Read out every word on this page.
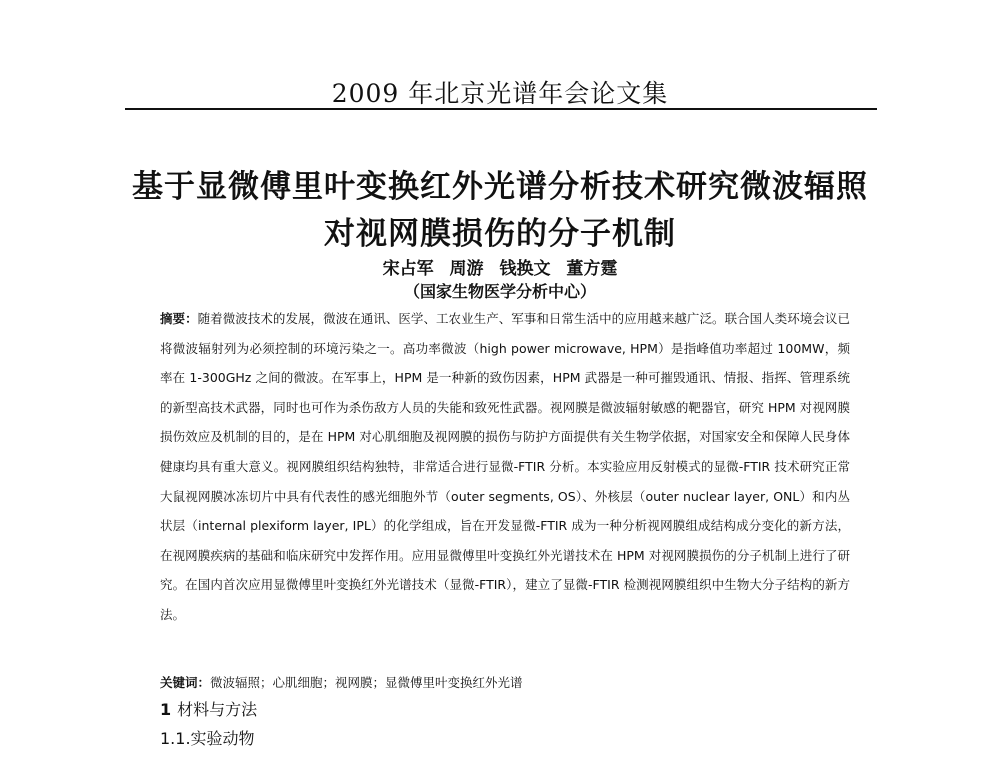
2009 年北京光谱年会论文集
基于显微傅里叶变换红外光谱分析技术研究微波辐照
对视网膜损伤的分子机制
宋占军 周游 钱换文 董方霆
（国家生物医学分析中心）
摘要：随着微波技术的发展，微波在通讯、医学、工农业生产、军事和日常生活中的应用越来越广泛。联合国人类环境会议已将微波辐射列为必须控制的环境污染之一。高功率微波（high power microwave, HPM）是指峰值功率超过 100MW，频率在 1-300GHz 之间的微波。在军事上，HPM 是一种新的致伤因素，HPM 武器是一种可摧毁通讯、情报、指挥、管理系统的新型高技术武器，同时也可作为杀伤敌方人员的失能和致死性武器。视网膜是微波辐射敏感的靶器官，研究 HPM 对视网膜损伤效应及机制的目的，是在 HPM 对心肌细胞及视网膜的损伤与防护方面提供有关生物学依据，对国家安全和保障人民身体健康均具有重大意义。视网膜组织结构独特，非常适合进行显微-FTIR 分析。本实验应用反射模式的显微-FTIR 技术研究正常大鼠视网膜冰冻切片中具有代表性的感光细胞外节（outer segments, OS）、外核层（outer nuclear layer, ONL）和内丛状层（internal plexiform layer, IPL）的化学组成，旨在开发显微-FTIR 成为一种分析视网膜组成结构成分变化的新方法，在视网膜疾病的基础和临床研究中发挥作用。应用显微傅里叶变换红外光谱技术在 HPM 对视网膜损伤的分子机制上进行了研究。在国内首次应用显微傅里叶变换红外光谱技术（显微-FTIR），建立了显微-FTIR 检测视网膜组织中生物大分子结构的新方法。
关键词：微波辐照；心肌细胞；视网膜；显微傅里叶变换红外光谱
1 材料与方法
1.1.实验动物
